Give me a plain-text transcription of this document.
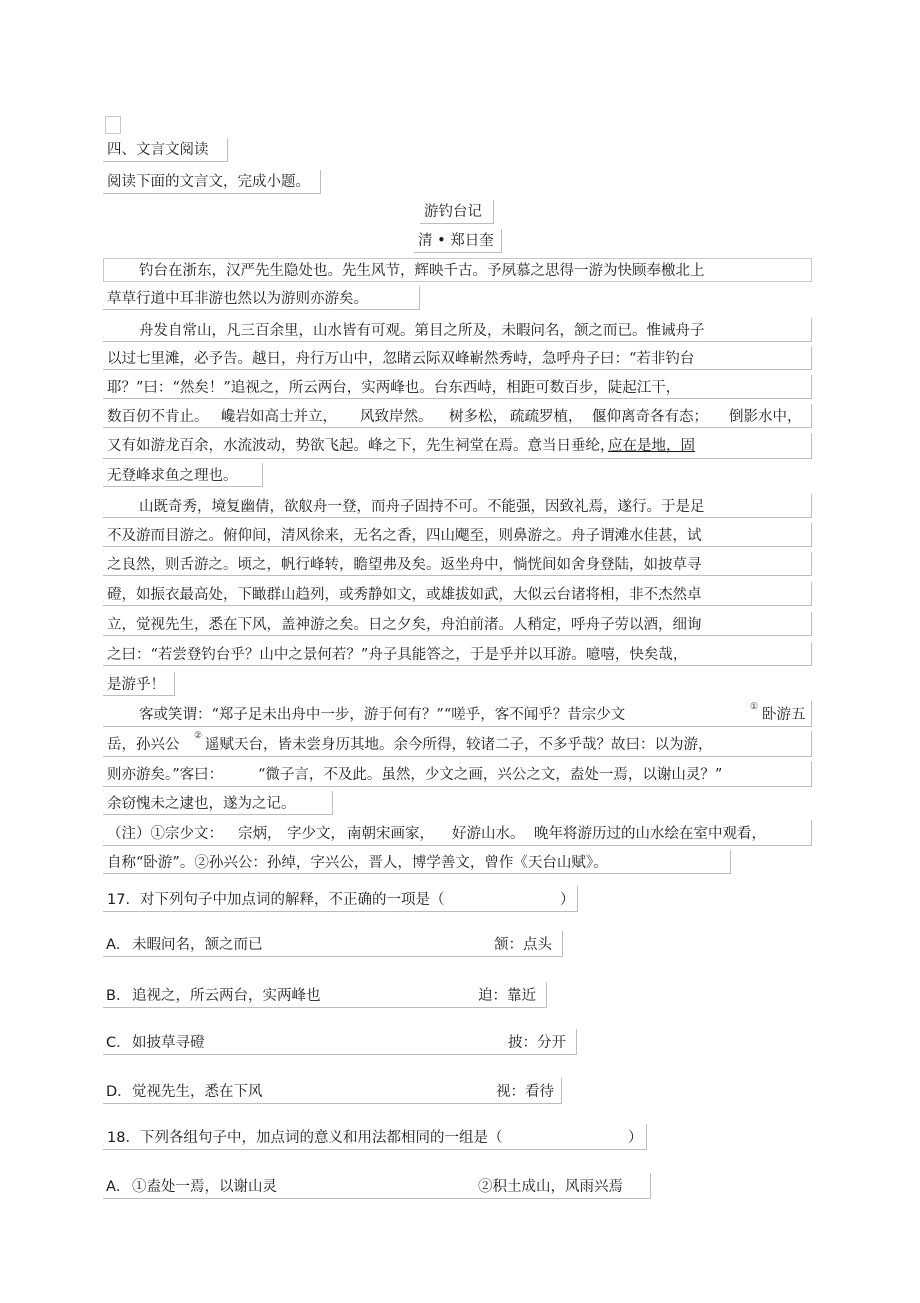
四、文言文阅读
阅读下面的文言文，完成小题。
游钓台记
清 • 郑日奎
钓台在浙东，汉严先生隐处也。先生风节，辉映千古。予夙慕之思得一游为快顾奉檄北上
草草行道中耳非游也然以为游则亦游矣。
舟发自常山，凡三百余里，山水皆有可观。第目之所及，未暇问名，颔之而已。惟诫舟子
以过七里滩，必予告。越日，舟行万山中，忽睹云际双峰嶄然秀峙，急呼舟子曰：“若非钓台
耶？”曰：“然矣！”追视之，所云两台，实两峰也。台东西峙，相距可数百步，陡起江干，
数百仞不肯止。 巉岩如高士并立， 风致岸然。 树多松， 疏疏罗植， 偃仰离奇各有态； 倒影水中，
又有如游龙百余，水流波动，势欲飞起。峰之下，先生祠堂在焉。意当日垂纶，
应在是地，固
无登峰求鱼之理也。
山既奇秀，境复幽倩，欲舣舟一登，而舟子固持不可。不能强，因致礼焉，遂行。于是足
不及游而目游之。俯仰间，清风徐来，无名之香，四山飔至，则鼻游之。舟子谓滩水佳甚，试
之良然，则舌游之。顷之，帆行峰转，瞻望弗及矣。返坐舟中，惝恍间如舍身登陆，如披草寻
磴，如振衣最高处，下瞰群山趋列，或秀静如文，或雄拔如武，大似云台诸将相，非不杰然卓
立，觉视先生，悉在下风，盖神游之矣。日之夕矣，舟泊前渚。人稍定，呼舟子劳以酒，细询
之曰：“若尝登钓台乎？山中之景何若？”舟子具能答之，于是乎并以耳游。噫嘻，快矣哉，
是游乎！
客或笑谓：“郑子足未出舟中一步，游于何有？”“嗟乎，客不闻乎？昔宗少文	① 卧游五
岳，孙兴公
②
遥赋天台，皆未尝身历其地。余今所得，较诸二子，不多乎哉？故曰：以为游，
则亦游矣。”客曰： “微子言，不及此。虽然，少文之画，兴公之文，盍处一焉，以谢山灵？”
余窃愧未之逮也，遂为之记。
（注）①宗少文： 宗炳， 字少文， 南朝宋画家， 好游山水。 晚年将游历过的山水绘在室中观看，
自称“卧游”。②孙兴公：孙绰，字兴公，晋人，博学善文，曾作《天台山赋》。
17．对下列句子中加点词的解释，不正确的一项是（	）
A． 未暇问名，颔之而已	颔：点头
B． 追视之，所云两台，实两峰也	迫：靠近
C． 如披草寻磴	披：分开
D． 觉视先生，悉在下风	视：看待
18．下列各组句子中，加点词的意义和用法都相同的一组是（	）
A． ①盍处一焉，以谢山灵	②积土成山，风雨兴焉
